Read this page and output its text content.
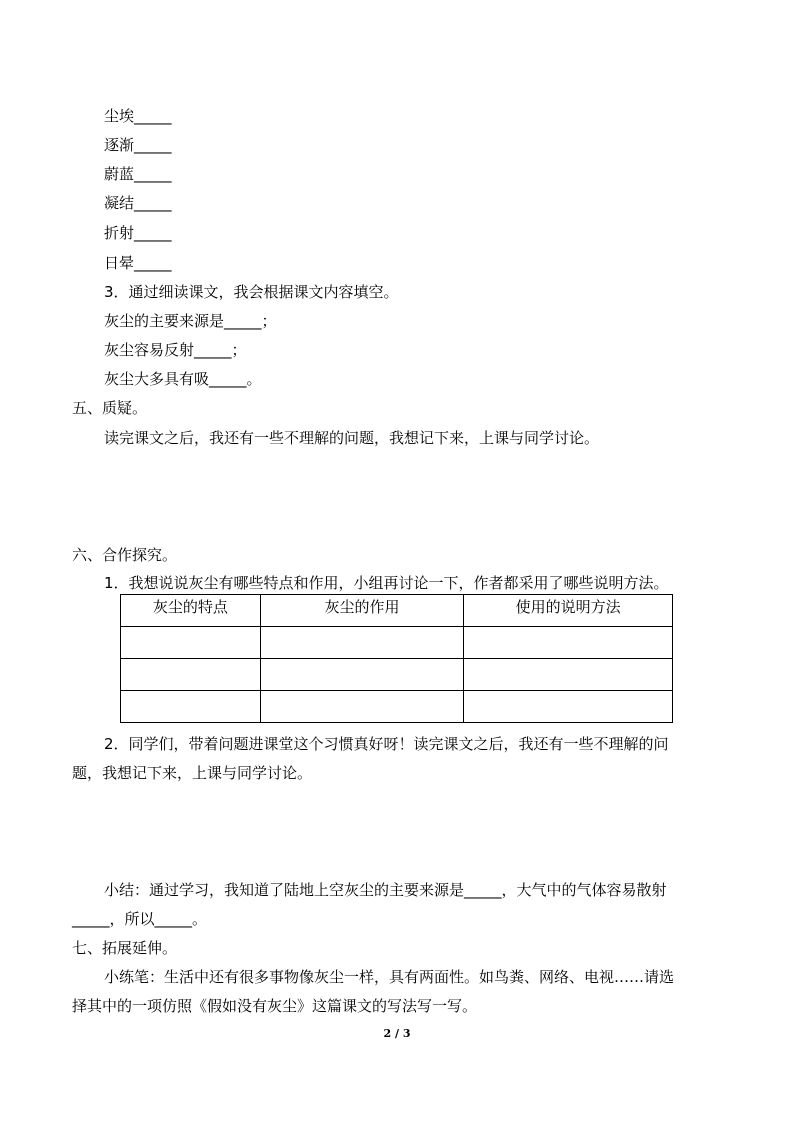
尘埃_____
逐渐_____
蔚蓝_____
凝结_____
折射_____
日晕_____
3．通过细读课文，我会根据课文内容填空。
灰尘的主要来源是_____；
灰尘容易反射_____；
灰尘大多具有吸_____。
五、质疑。
读完课文之后，我还有一些不理解的问题，我想记下来，上课与同学讨论。
六、合作探究。
1．我想说说灰尘有哪些特点和作用，小组再讨论一下，作者都采用了哪些说明方法。
灰尘的特点	灰尘的作用	使用的说明方法

2．同学们，带着问题进课堂这个习惯真好呀！读完课文之后，我还有一些不理解的问
题，我想记下来，上课与同学讨论。
小结：通过学习，我知道了陆地上空灰尘的主要来源是_____，大气中的气体容易散射
_____，所以_____。
七、拓展延伸。
小练笔：生活中还有很多事物像灰尘一样，具有两面性。如鸟粪、网络、电视……请选
择其中的一项仿照《假如没有灰尘》这篇课文的写法写一写。
2 / 3
